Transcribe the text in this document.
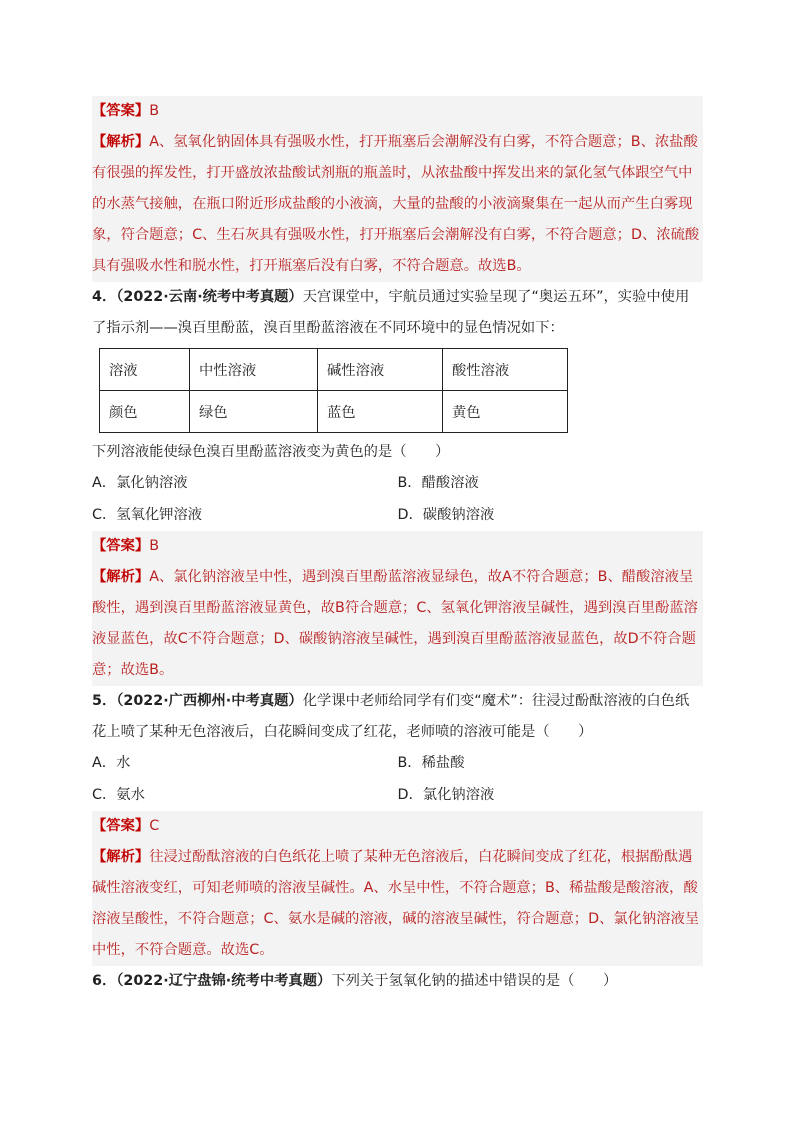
【答案】B
【解析】A、氢氧化钠固体具有强吸水性，打开瓶塞后会潮解没有白雾，不符合题意；B、浓盐酸有很强的挥发性，打开盛放浓盐酸试剂瓶的瓶盖时，从浓盐酸中挥发出来的氯化氢气体跟空气中的水蒸气接触，在瓶口附近形成盐酸的小液滴，大量的盐酸的小液滴聚集在一起从而产生白雾现象，符合题意；C、生石灰具有强吸水性，打开瓶塞后会潮解没有白雾，不符合题意；D、浓硫酸具有强吸水性和脱水性，打开瓶塞后没有白雾，不符合题意。故选B。
4．（2022·云南·统考中考真题）天宫课堂中，宇航员通过实验呈现了“奥运五环”，实验中使用了指示剂——溴百里酚蓝，溴百里酚蓝溶液在不同环境中的显色情况如下：
溶液	中性溶液	碱性溶液	酸性溶液
颜色	绿色	蓝色	黄色
下列溶液能使绿色溴百里酚蓝溶液变为黄色的是（　　）
A．氯化钠溶液	B．醋酸溶液
C．氢氧化钾溶液	D．碳酸钠溶液
【答案】B
【解析】A、氯化钠溶液呈中性，遇到溴百里酚蓝溶液显绿色，故A不符合题意；B、醋酸溶液呈酸性，遇到溴百里酚蓝溶液显黄色，故B符合题意；C、氢氧化钾溶液呈碱性，遇到溴百里酚蓝溶液显蓝色，故C不符合题意；D、碳酸钠溶液呈碱性，遇到溴百里酚蓝溶液显蓝色，故D不符合题意；故选B。
5．（2022·广西柳州·中考真题）化学课中老师给同学有们变“魔术”：往浸过酚酞溶液的白色纸花上喷了某种无色溶液后，白花瞬间变成了红花，老师喷的溶液可能是（　　）
A．水	B．稀盐酸
C．氨水	D．氯化钠溶液
【答案】C
【解析】往浸过酚酞溶液的白色纸花上喷了某种无色溶液后，白花瞬间变成了红花，根据酚酞遇碱性溶液变红，可知老师喷的溶液呈碱性。A、水呈中性，不符合题意；B、稀盐酸是酸溶液，酸溶液呈酸性，不符合题意；C、氨水是碱的溶液，碱的溶液呈碱性，符合题意；D、氯化钠溶液呈中性，不符合题意。故选C。
6．（2022·辽宁盘锦·统考中考真题）下列关于氢氧化钠的描述中错误的是（　　）
